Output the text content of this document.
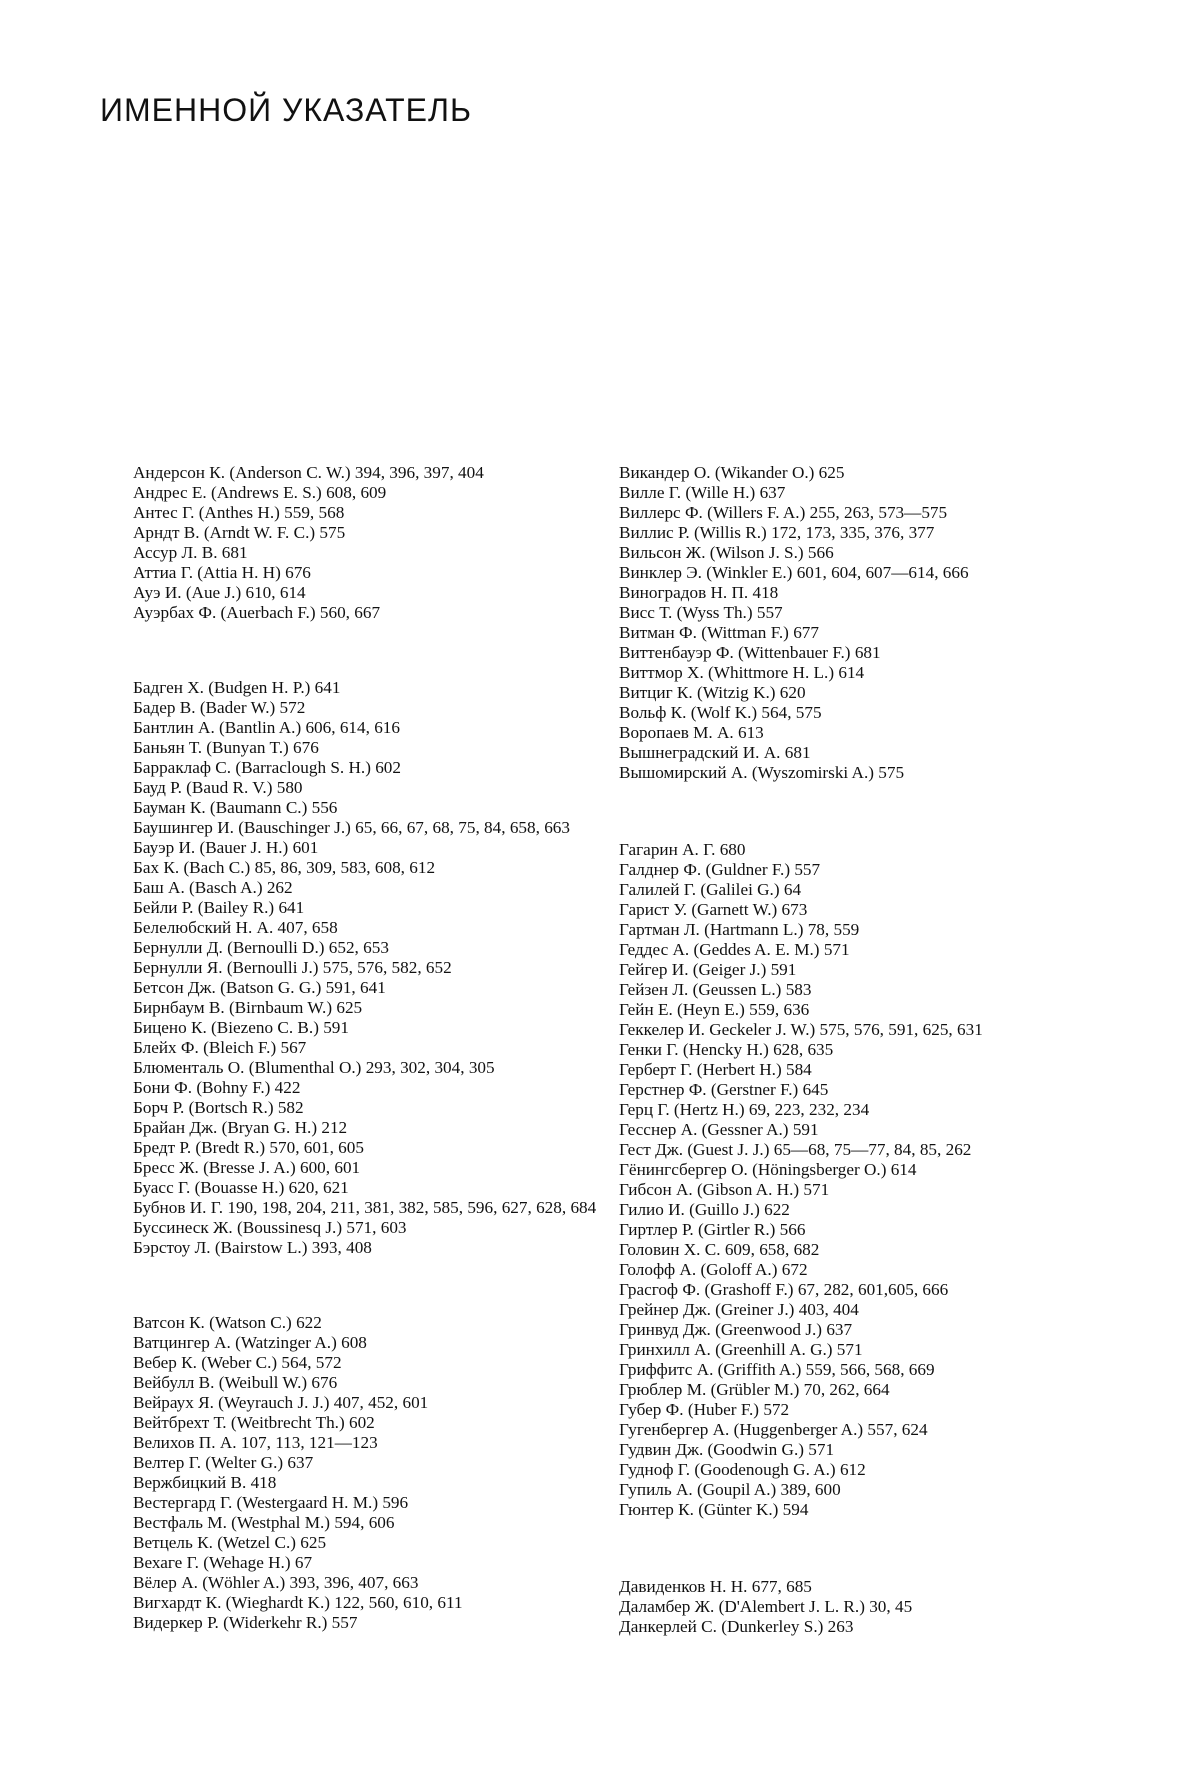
ИМЕННОЙ УКАЗАТЕЛЬ
Андерсон К. (Anderson C. W.) 394, 396, 397, 404
Андрес Е. (Andrews E. S.) 608, 609
Антес Г. (Anthes H.) 559, 568
Арндт В. (Arndt W. F. C.) 575
Ассур Л. В. 681
Аттиа Г. (Attia H. H) 676
Ауэ И. (Aue J.) 610, 614
Ауэрбах Ф. (Auerbach F.) 560, 667
Бадген Х. (Budgen H. P.) 641
Бадер В. (Bader W.) 572
Бантлин А. (Bantlin A.) 606, 614, 616
Баньян Т. (Bunyan T.) 676
Барраклаф С. (Barraclough S. H.) 602
Бауд Р. (Baud R. V.) 580
Бауман К. (Baumann C.) 556
Баушингер И. (Bauschinger J.) 65, 66, 67, 68, 75, 84, 658, 663
Бауэр И. (Bauer J. H.) 601
Бах К. (Bach C.) 85, 86, 309, 583, 608, 612
Баш А. (Basch A.) 262
Бейли Р. (Bailey R.) 641
Белелюбский Н. А. 407, 658
Бернулли Д. (Bernoulli D.) 652, 653
Бернулли Я. (Bernoulli J.) 575, 576, 582, 652
Бетсон Дж. (Batson G. G.) 591, 641
Бирнбаум В. (Birnbaum W.) 625
Бицено К. (Biezeno C. B.) 591
Блейх Ф. (Bleich F.) 567
Блюменталь О. (Blumenthal O.) 293, 302, 304, 305
Бони Ф. (Bohny F.) 422
Борч Р. (Bortsch R.) 582
Брайан Дж. (Bryan G. H.) 212
Бредт Р. (Bredt R.) 570, 601, 605
Бресс Ж. (Bresse J. A.) 600, 601
Буасс Г. (Bouasse H.) 620, 621
Бубнов И. Г. 190, 198, 204, 211, 381, 382, 585, 596, 627, 628, 684
Буссинеск Ж. (Boussinesq J.) 571, 603
Бэрстоу Л. (Bairstow L.) 393, 408
Ватсон К. (Watson C.) 622
Ватцингер А. (Watzinger A.) 608
Вебер К. (Weber C.) 564, 572
Вейбулл В. (Weibull W.) 676
Вейраух Я. (Weyrauch J. J.) 407, 452, 601
Вейтбрехт Т. (Weitbrecht Th.) 602
Велихов П. А. 107, 113, 121—123
Велтер Г. (Welter G.) 637
Вержбицкий В. 418
Вестергард Г. (Westergaard H. M.) 596
Вестфаль М. (Westphal M.) 594, 606
Ветцель К. (Wetzel C.) 625
Вехаге Г. (Wehage H.) 67
Вёлер А. (Wöhler A.) 393, 396, 407, 663
Вигхардт К. (Wieghardt K.) 122, 560, 610, 611
Видеркер Р. (Widerkehr R.) 557
Викандер О. (Wikander O.) 625
Вилле Г. (Wille H.) 637
Виллерс Ф. (Willers F. A.) 255, 263, 573—575
Виллис Р. (Willis R.) 172, 173, 335, 376, 377
Вильсон Ж. (Wilson J. S.) 566
Винклер Э. (Winkler E.) 601, 604, 607—614, 666
Виноградов Н. П. 418
Висс Т. (Wyss Th.) 557
Витман Ф. (Wittman F.) 677
Виттенбауэр Ф. (Wittenbauer F.) 681
Виттмор Х. (Whittmore H. L.) 614
Витциг К. (Witzig K.) 620
Вольф К. (Wolf K.) 564, 575
Воропаев М. А. 613
Вышнеградский И. А. 681
Вышомирский А. (Wyszomirski A.) 575
Гагарин А. Г. 680
Галднер Ф. (Guldner F.) 557
Галилей Г. (Galilei G.) 64
Гарист У. (Garnett W.) 673
Гартман Л. (Hartmann L.) 78, 559
Геддес А. (Geddes A. E. M.) 571
Гейгер И. (Geiger J.) 591
Гейзен Л. (Geussen L.) 583
Гейн Е. (Heyn E.) 559, 636
Геккелер И. Geckeler J. W.) 575, 576, 591, 625, 631
Генки Г. (Hencky H.) 628, 635
Герберт Г. (Herbert H.) 584
Герстнер Ф. (Gerstner F.) 645
Герц Г. (Hertz H.) 69, 223, 232, 234
Гесснер А. (Gessner A.) 591
Гест Дж. (Guest J. J.) 65—68, 75—77, 84, 85, 262
Гёнингсбергер О. (Höningsberger O.) 614
Гибсон А. (Gibson A. H.) 571
Гилио И. (Guillo J.) 622
Гиртлер Р. (Girtler R.) 566
Головин Х. С. 609, 658, 682
Голофф А. (Goloff A.) 672
Грасгоф Ф. (Grashoff F.) 67, 282, 601,605, 666
Грейнер Дж. (Greiner J.) 403, 404
Гринвуд Дж. (Greenwood J.) 637
Гринхилл А. (Greenhill A. G.) 571
Гриффитс А. (Griffith A.) 559, 566, 568, 669
Грюблер М. (Grübler M.) 70, 262, 664
Губер Ф. (Huber F.) 572
Гугенбергер А. (Huggenberger A.) 557, 624
Гудвин Дж. (Goodwin G.) 571
Гудноф Г. (Goodenough G. A.) 612
Гупиль А. (Goupil A.) 389, 600
Гюнтер К. (Günter K.) 594
Давиденков Н. Н. 677, 685
Даламбер Ж. (D'Alembert J. L. R.) 30, 45
Данкерлей С. (Dunkerley S.) 263
